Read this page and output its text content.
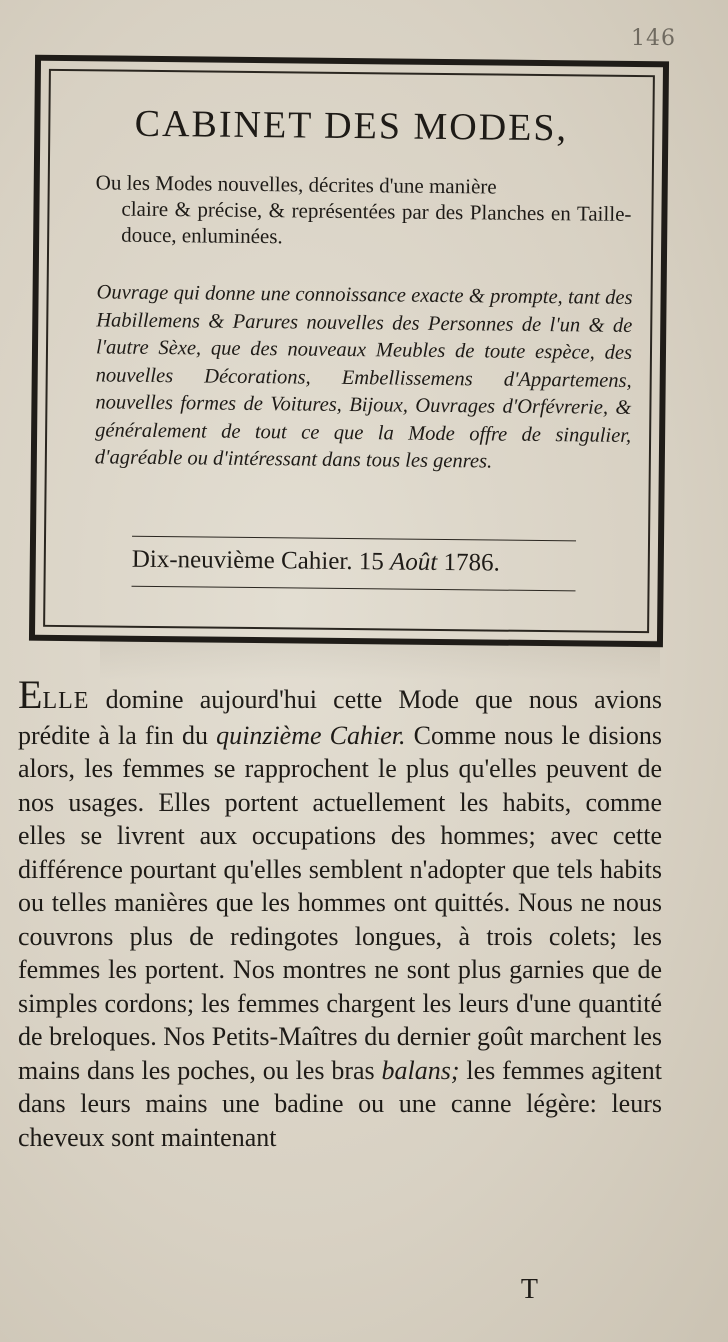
146
CABINET DES MODES,
Ou les Modes nouvelles, décrites d'une manière
claire & précise, & représentées par des Planches en Taille-douce, enluminées.
Ouvrage qui donne une connoissance exacte & prompte, tant des Habillemens & Parures nouvelles des Personnes de l'un & de l'autre Sèxe, que des nouveaux Meubles de toute espèce, des nouvelles Décorations, Embellissemens d'Appartemens, nouvelles formes de Voitures, Bijoux, Ouvrages d'Orfévrerie, & généralement de tout ce que la Mode offre de singulier, d'agréable ou d'intéressant dans tous les genres.
Dix-neuvième Cahier. 15 Août 1786.
ELLE domine aujourd'hui cette Mode que nous avions prédite à la fin du quinzième Cahier. Comme nous le disions alors, les femmes se rapprochent le plus qu'elles peuvent de nos usages. Elles portent actuellement les habits, comme elles se livrent aux occupations des hommes; avec cette différence pourtant qu'elles semblent n'adopter que tels habits ou telles manières que les hommes ont quittés. Nous ne nous couvrons plus de redingotes longues, à trois colets; les femmes les portent. Nos montres ne sont plus garnies que de simples cordons; les femmes chargent les leurs d'une quantité de breloques. Nos Petits-Maîtres du dernier goût marchent les mains dans les poches, ou les bras balans; les femmes agitent dans leurs mains une badine ou une canne légère: leurs cheveux sont maintenant
T
